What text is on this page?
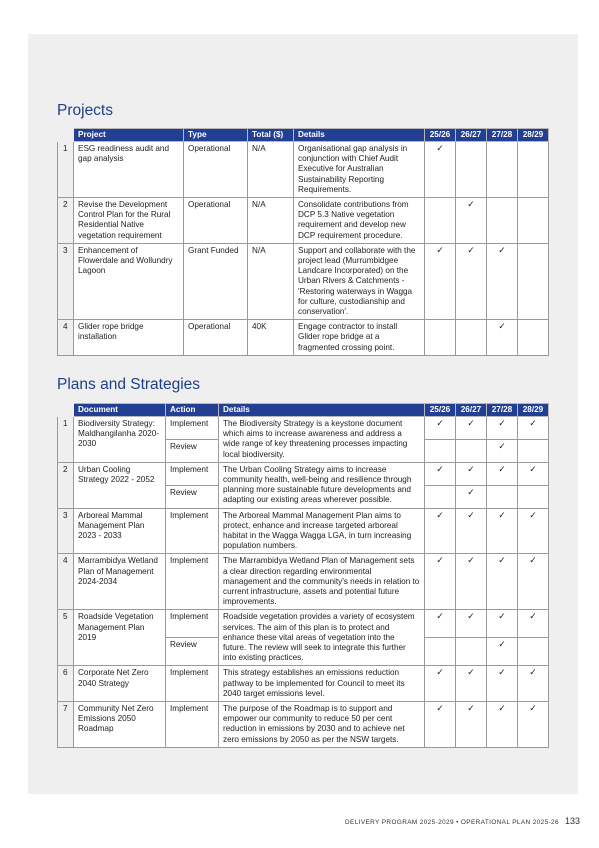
Projects
	Project	Type	Total ($)	Details	25/26	26/27	27/28	28/29
1	ESG readiness audit and gap analysis	Operational	N/A	Organisational gap analysis in conjunction with Chief Audit Executive for Australian Sustainability Reporting Requirements.	✓			
2	Revise the Development Control Plan for the Rural Residential Native vegetation requirement	Operational	N/A	Consolidate contributions from DCP 5.3 Native vegetation requirement and develop new DCP requirement procedure.		✓		
3	Enhancement of Flowerdale and Wollundry Lagoon	Grant Funded	N/A	Support and collaborate with the project lead (Murrumbidgee Landcare Incorporated) on the Urban Rivers & Catchments - 'Restoring waterways in Wagga for culture, custodianship and conservation'.	✓	✓	✓	
4	Glider rope bridge installation	Operational	40K	Engage contractor to install Glider rope bridge at a fragmented crossing point.			✓	
Plans and Strategies
	Document	Action	Details	25/26	26/27	27/28	28/29
1	Biodiversity Strategy: Maldhangilanha 2020-2030	Implement	The Biodiversity Strategy is a keystone document which aims to increase awareness and address a wide range of key threatening processes impacting local biodiversity.	✓	✓	✓	✓
		Review				✓	
2	Urban Cooling Strategy 2022 - 2052	Implement	The Urban Cooling Strategy aims to increase community health, well-being and resilience through planning more sustainable future developments and adapting our existing areas wherever possible.	✓	✓	✓	✓
		Review			✓		
3	Arboreal Mammal Management Plan 2023 - 2033	Implement	The Arboreal Mammal Management Plan aims to protect, enhance and increase targeted arboreal habitat in the Wagga Wagga LGA, in turn increasing population numbers.	✓	✓	✓	✓
4	Marrambidya Wetland Plan of Management 2024-2034	Implement	The Marrambidya Wetland Plan of Management sets a clear direction regarding environmental management and the community's needs in relation to current infrastructure, assets and potential future improvements.	✓	✓	✓	✓
5	Roadside Vegetation Management Plan 2019	Implement	Roadside vegetation provides a variety of ecosystem services. The aim of this plan is to protect and enhance these vital areas of vegetation into the future. The review will seek to integrate this further into existing practices.	✓	✓	✓	✓
		Review				✓	
6	Corporate Net Zero 2040 Strategy	Implement	This strategy establishes an emissions reduction pathway to be implemented for Council to meet its 2040 target emissions level.	✓	✓	✓	✓
7	Community Net Zero Emissions 2050 Roadmap	Implement	The purpose of the Roadmap is to support and empower our community to reduce 50 per cent reduction in emissions by 2030 and to achieve net zero emissions by 2050 as per the NSW targets.	✓	✓	✓	✓
DELIVERY PROGRAM 2025-2029 • OPERATIONAL PLAN 2025-26 133
